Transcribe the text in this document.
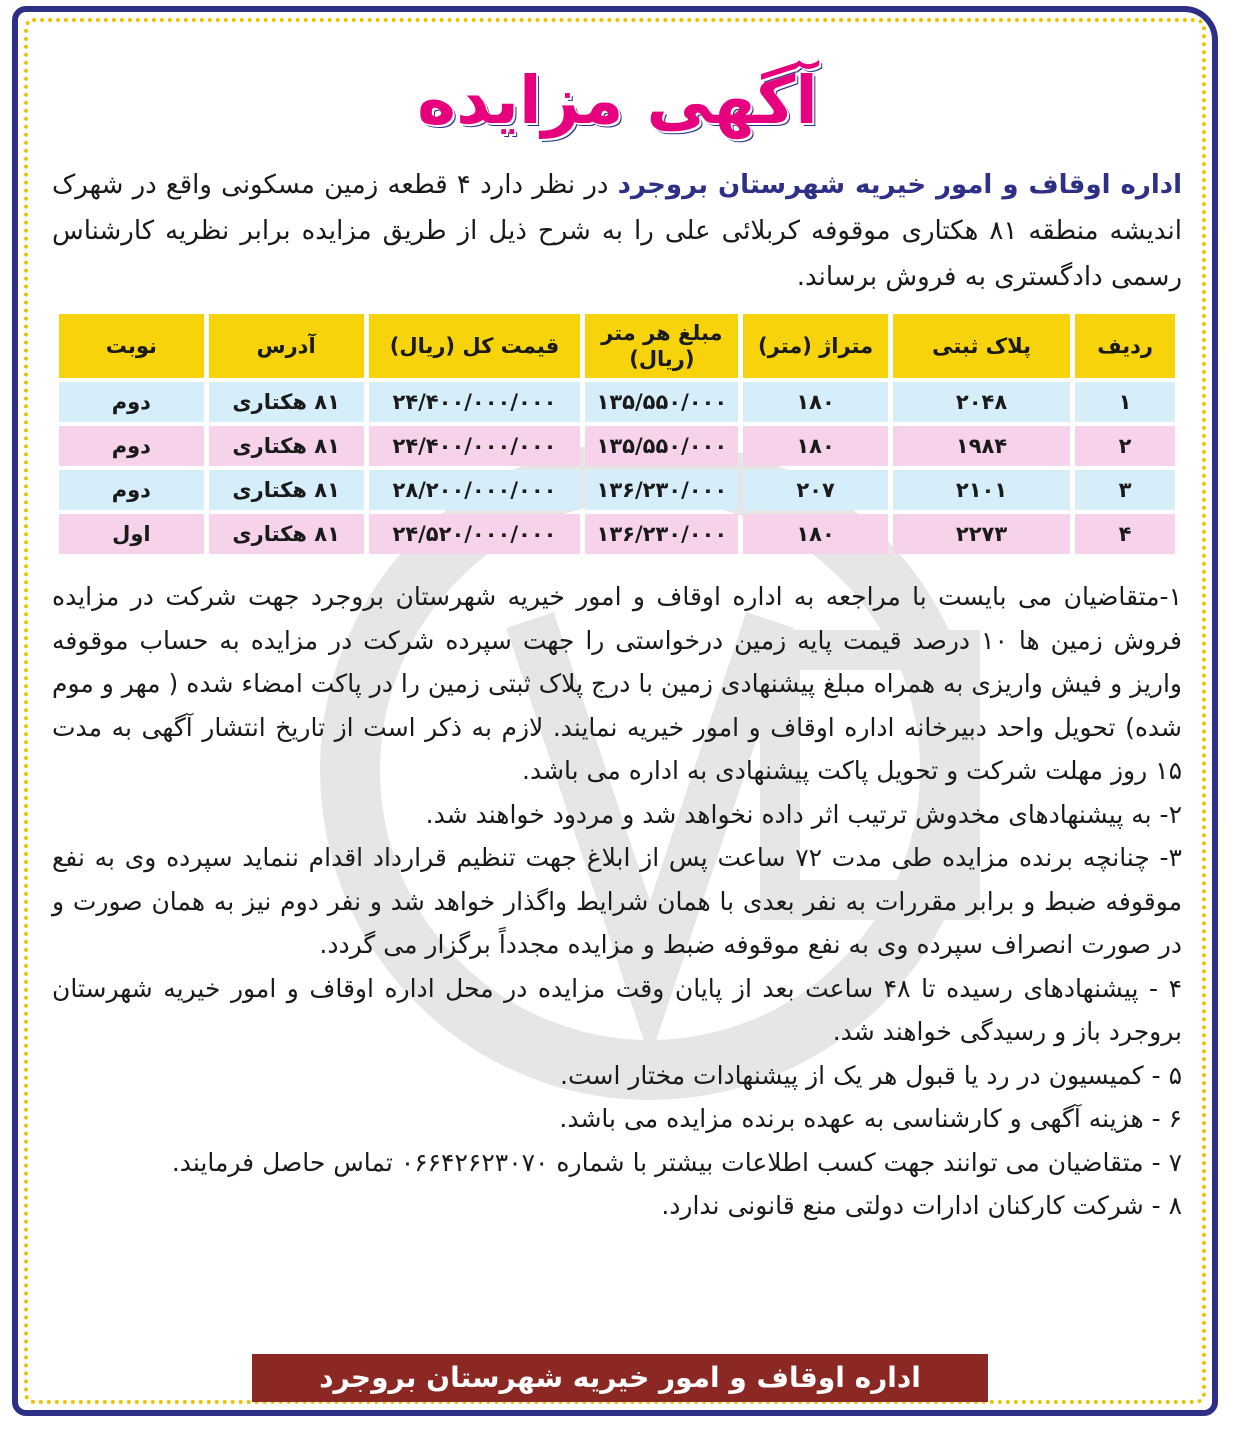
آگهی مزایده

اداره اوقاف و امور خیریه شهرستان بروجرد در نظر دارد ۴ قطعه زمین مسکونی واقع در شهرک اندیشه منطقه ۸۱ هکتاری موقوفه کربلائی علی را به شرح ذیل از طریق مزایده برابر نظریه کارشناس رسمی دادگستری به فروش برساند.

ردیف	پلاک ثبتی	متراژ (متر)	مبلغ هر متر (ریال)	قیمت کل (ریال)	آدرس	نوبت
۱	۲۰۴۸	۱۸۰	۱۳۵/۵۵۰/۰۰۰	۲۴/۴۰۰/۰۰۰/۰۰۰	۸۱ هکتاری	دوم
۲	۱۹۸۴	۱۸۰	۱۳۵/۵۵۰/۰۰۰	۲۴/۴۰۰/۰۰۰/۰۰۰	۸۱ هکتاری	دوم
۳	۲۱۰۱	۲۰۷	۱۳۶/۲۳۰/۰۰۰	۲۸/۲۰۰/۰۰۰/۰۰۰	۸۱ هکتاری	دوم
۴	۲۲۷۳	۱۸۰	۱۳۶/۲۳۰/۰۰۰	۲۴/۵۲۰/۰۰۰/۰۰۰	۸۱ هکتاری	اول

۱-متقاضیان می بایست با مراجعه به اداره اوقاف و امور خیریه شهرستان بروجرد جهت شرکت در مزایده فروش زمین ها ۱۰ درصد قیمت پایه زمین درخواستی را جهت سپرده شرکت در مزایده به حساب موقوفه واریز و فیش واریزی به همراه مبلغ پیشنهادی زمین با درج پلاک ثبتی زمین را در پاکت امضاء شده ( مهر و موم شده) تحویل واحد دبیرخانه اداره اوقاف و امور خیریه نمایند. لازم به ذکر است از تاریخ انتشار آگهی به مدت ۱۵ روز مهلت شرکت و تحویل پاکت پیشنهادی به اداره می باشد.

۲- به پیشنهادهای مخدوش ترتیب اثر داده نخواهد شد و مردود خواهند شد.

۳- چنانچه برنده مزایده طی مدت ۷۲ ساعت پس از ابلاغ جهت تنظیم قرارداد اقدام ننماید سپرده وی به نفع موقوفه ضبط و برابر مقررات به نفر بعدی با همان شرایط واگذار خواهد شد و نفر دوم نیز به همان صورت و در صورت انصراف سپرده وی به نفع موقوفه ضبط و مزایده مجدداً برگزار می گردد.

۴ - پیشنهادهای رسیده تا ۴۸ ساعت بعد از پایان وقت مزایده در محل اداره اوقاف و امور خیریه شهرستان بروجرد باز و رسیدگی خواهند شد.

۵ - کمیسیون در رد یا قبول هر یک از پیشنهادات مختار است.

۶ - هزینه آگهی و کارشناسی به عهده برنده مزایده می باشد.

۷ - متقاضیان می توانند جهت کسب اطلاعات بیشتر با شماره ۰۶۶۴۲۶۲۳۰۷۰ تماس حاصل فرمایند.

۸ - شرکت کارکنان ادارات دولتی منع قانونی ندارد.

اداره اوقاف و امور خیریه شهرستان بروجرد
